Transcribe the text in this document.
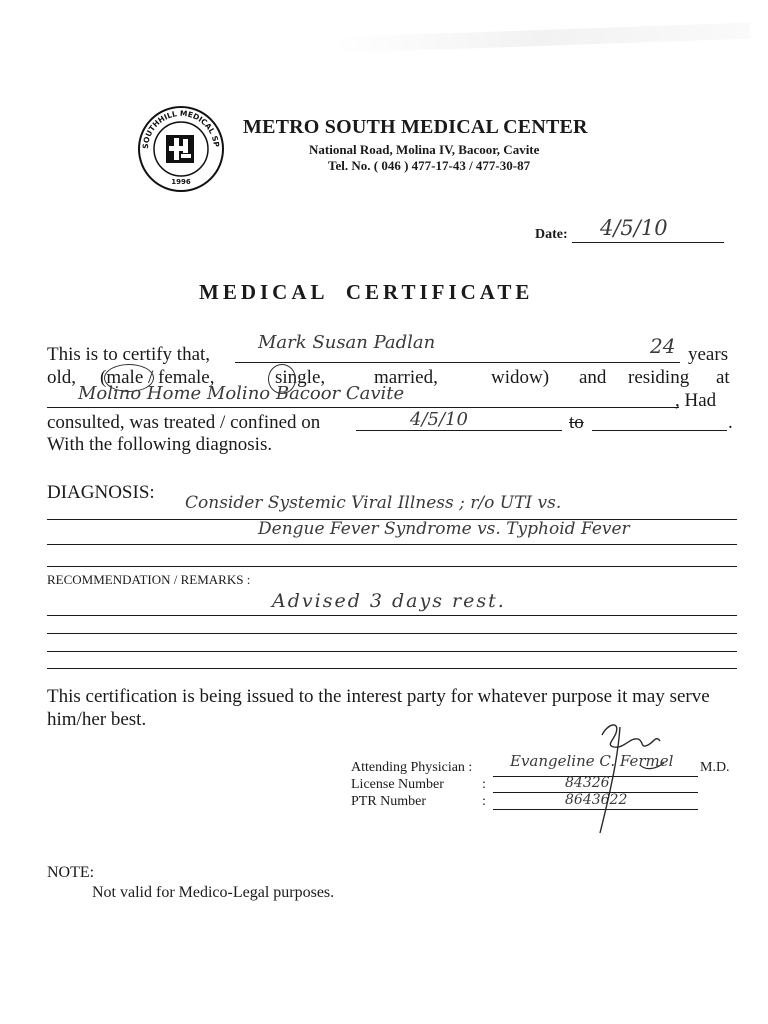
SOUTHHILL MEDICAL SP
1996
METRO SOUTH MEDICAL CENTER
National Road, Molina IV, Bacoor, Cavite
Tel. No. ( 046 ) 477-17-43 / 477-30-87
Date: 4/5/10
MEDICAL  CERTIFICATE
This is to certify that,
Mark Susan Padlan	24 years
old, (male / female,	single,	married,	widow) and residing at
Molino Home Molino Bacoor Cavite	, Had
consulted, was treated / confined on	4/5/10	to	.
With the following diagnosis.
DIAGNOSIS: Consider Systemic Viral Illness ; r/o UTI vs.
Dengue Fever Syndrome vs. Typhoid Fever
RECOMMENDATION / REMARKS :
Advised 3 days rest.
This certification is being issued to the interest party for whatever purpose it may serve him/her best.
Attending Physician :	Evangeline C. Fermel M.D.
License Number	:	84326
PTR Number	:	8643622
NOTE:
Not valid for Medico-Legal purposes.
